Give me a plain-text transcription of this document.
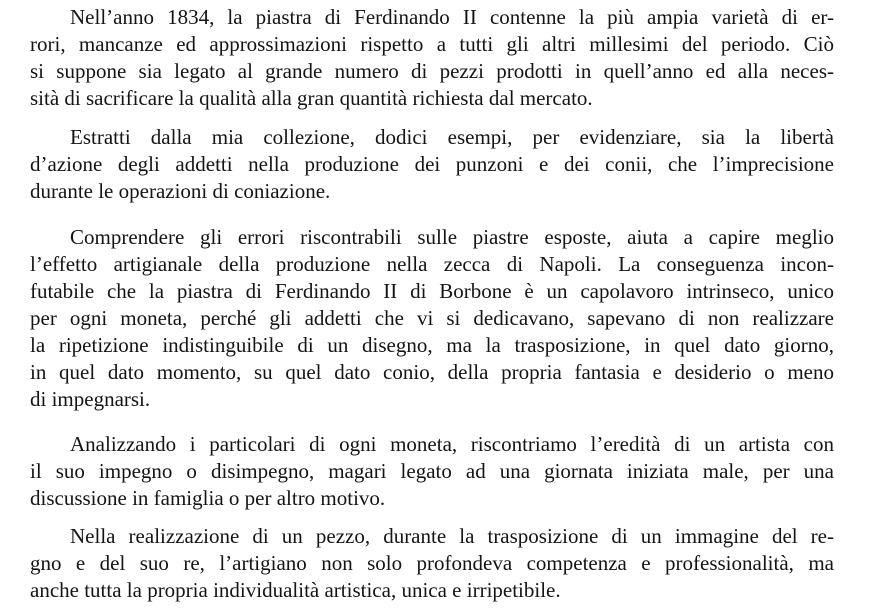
Nell’anno 1834, la piastra di Ferdinando II contenne la più ampia varietà di er-
rori, mancanze ed approssimazioni rispetto a tutti gli altri millesimi del periodo. Ciò
si suppone sia legato al grande numero di pezzi prodotti in quell’anno ed alla neces-
sità di sacrificare la qualità alla gran quantità richiesta dal mercato.

Estratti dalla mia collezione, dodici esempi, per evidenziare, sia la libertà
d’azione degli addetti nella produzione dei punzoni e dei conii, che l’imprecisione
durante le operazioni di coniazione.

Comprendere gli errori riscontrabili sulle piastre esposte, aiuta a capire meglio
l’effetto artigianale della produzione nella zecca di Napoli. La conseguenza incon-
futabile che la piastra di Ferdinando II di Borbone è un capolavoro intrinseco, unico
per ogni moneta, perché gli addetti che vi si dedicavano, sapevano di non realizzare
la ripetizione indistinguibile di un disegno, ma la trasposizione, in quel dato giorno,
in quel dato momento, su quel dato conio, della propria fantasia e desiderio o meno
di impegnarsi.

Analizzando i particolari di ogni moneta, riscontriamo l’eredità di un artista con
il suo impegno o disimpegno, magari legato ad una giornata iniziata male, per una
discussione in famiglia o per altro motivo.

Nella realizzazione di un pezzo, durante la trasposizione di un immagine del re-
gno e del suo re, l’artigiano non solo profondeva competenza e professionalità, ma
anche tutta la propria individualità artistica, unica e irripetibile.
